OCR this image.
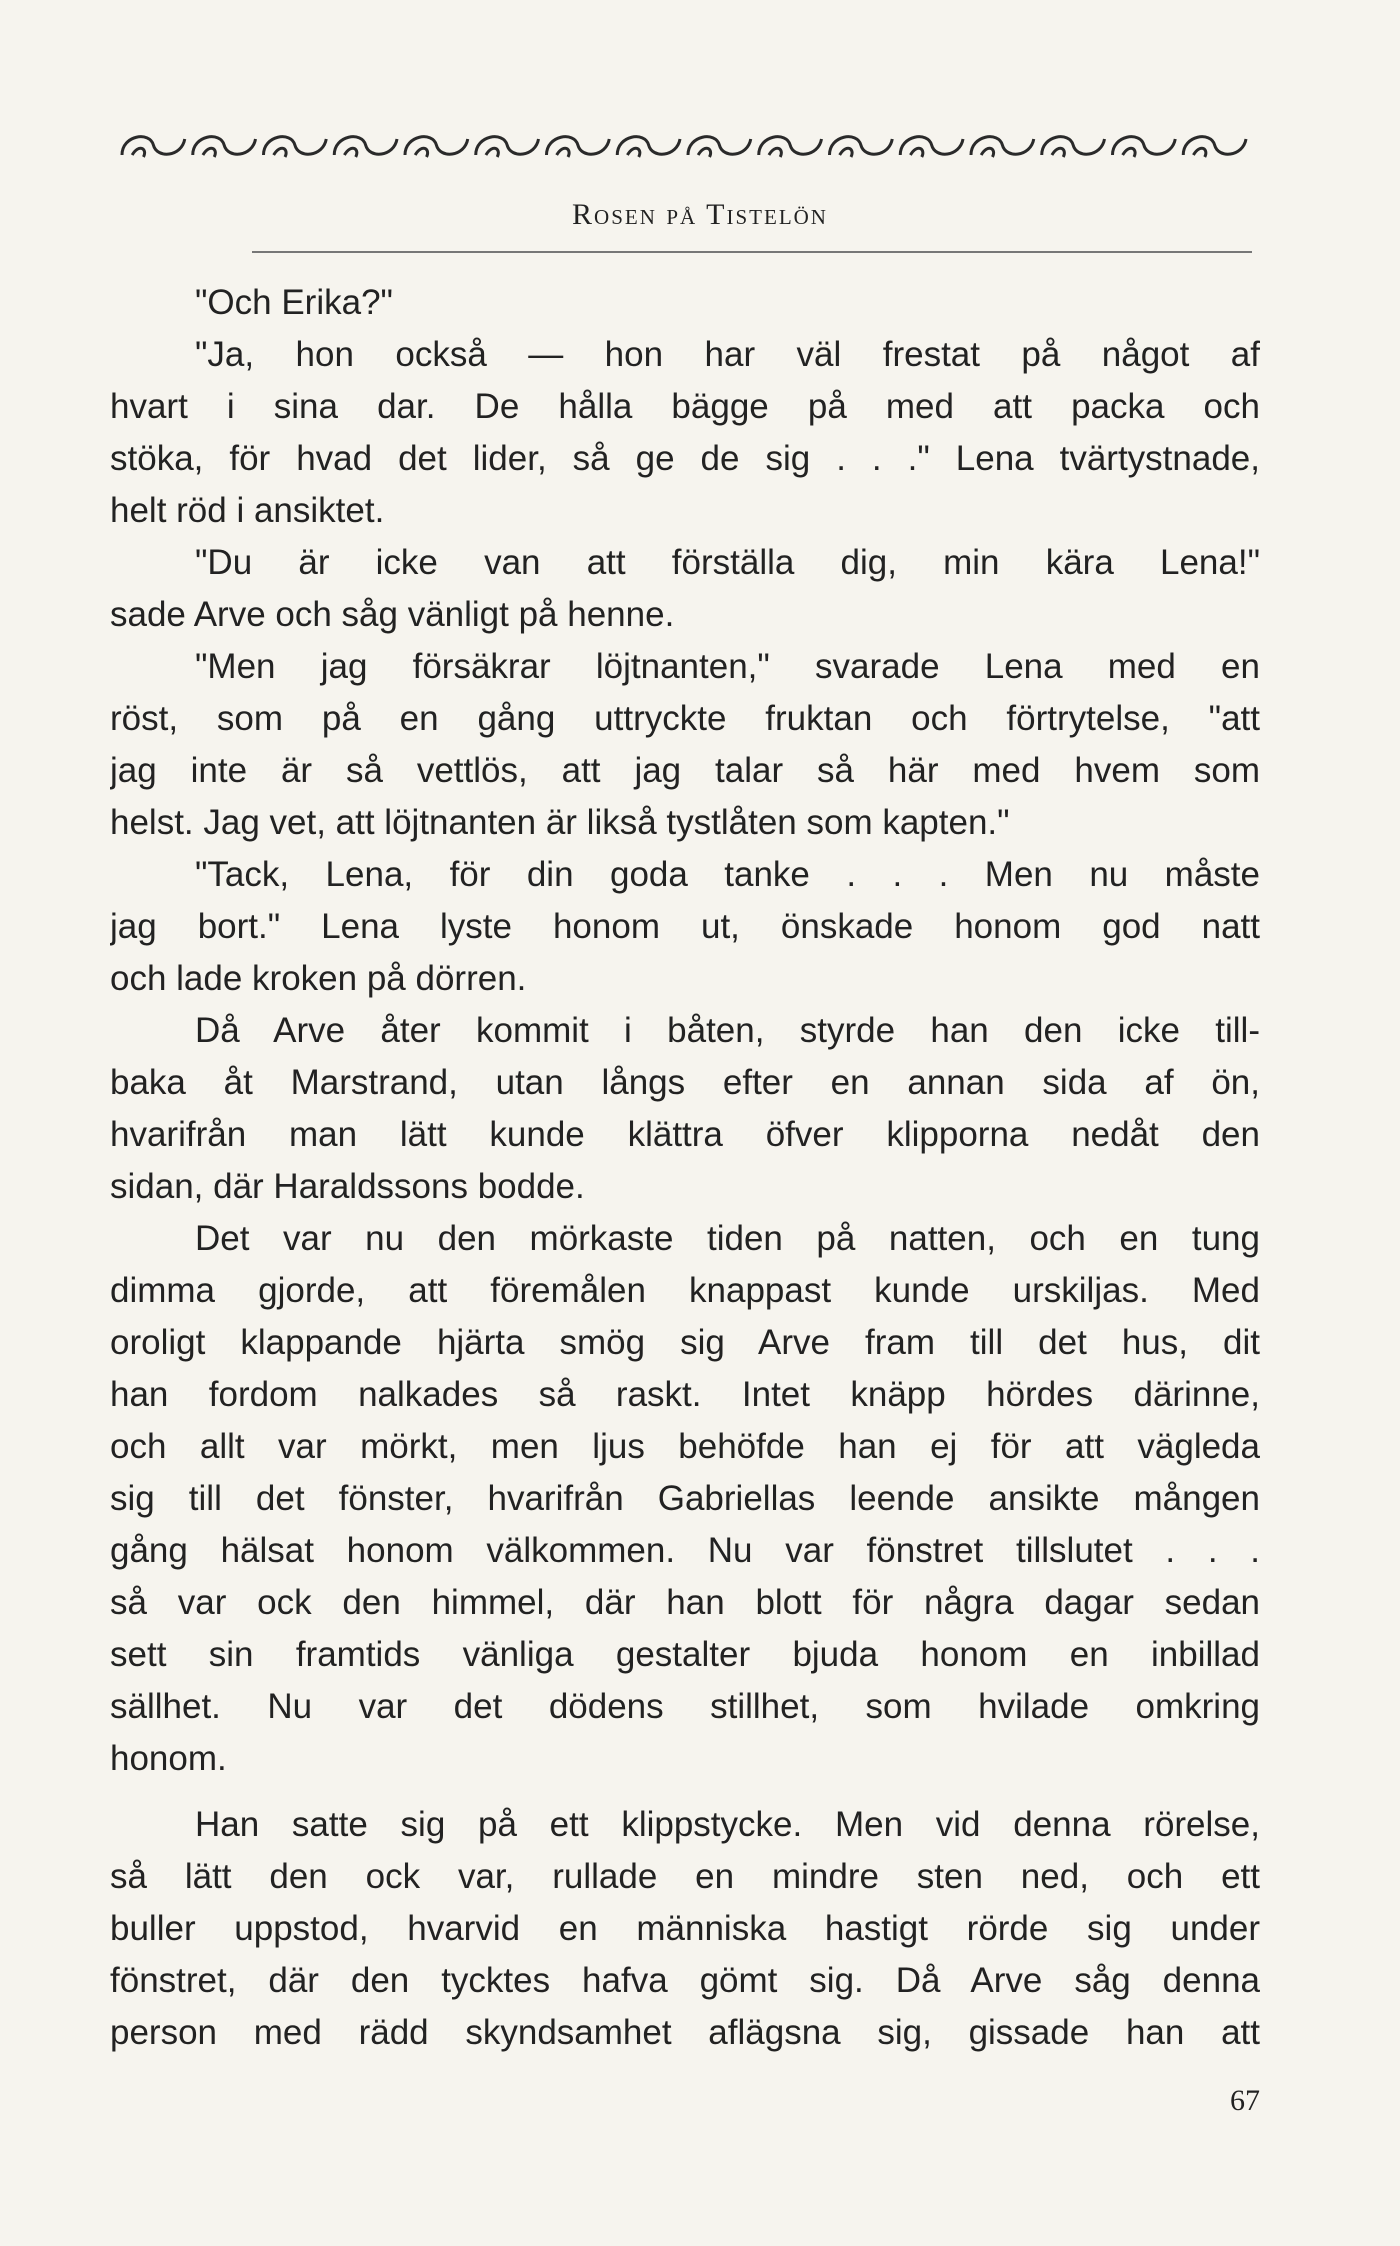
Rosen på Tistelön
"Och Erika?"
"Ja, hon också — hon har väl frestat på något af
hvart i sina dar. De hålla bägge på med att packa och
stöka, för hvad det lider, så ge de sig . . ." Lena tvärtystnade,
helt röd i ansiktet.
"Du är icke van att förställa dig, min kära Lena!"
sade Arve och såg vänligt på henne.
"Men jag försäkrar löjtnanten," svarade Lena med en
röst, som på en gång uttryckte fruktan och förtrytelse, "att
jag inte är så vettlös, att jag talar så här med hvem som
helst. Jag vet, att löjtnanten är likså tystlåten som kapten."
"Tack, Lena, för din goda tanke . . . Men nu måste
jag bort." Lena lyste honom ut, önskade honom god natt
och lade kroken på dörren.
Då Arve åter kommit i båten, styrde han den icke till-
baka åt Marstrand, utan långs efter en annan sida af ön,
hvarifrån man lätt kunde klättra öfver klipporna nedåt den
sidan, där Haraldssons bodde.
Det var nu den mörkaste tiden på natten, och en tung
dimma gjorde, att föremålen knappast kunde urskiljas. Med
oroligt klappande hjärta smög sig Arve fram till det hus, dit
han fordom nalkades så raskt. Intet knäpp hördes därinne,
och allt var mörkt, men ljus behöfde han ej för att vägleda
sig till det fönster, hvarifrån Gabriellas leende ansikte mången
gång hälsat honom välkommen. Nu var fönstret tillslutet . . .
så var ock den himmel, där han blott för några dagar sedan
sett sin framtids vänliga gestalter bjuda honom en inbillad
sällhet. Nu var det dödens stillhet, som hvilade omkring
honom.
Han satte sig på ett klippstycke. Men vid denna rörelse,
så lätt den ock var, rullade en mindre sten ned, och ett
buller uppstod, hvarvid en människa hastigt rörde sig under
fönstret, där den tycktes hafva gömt sig. Då Arve såg denna
person med rädd skyndsamhet aflägsna sig, gissade han att
67
